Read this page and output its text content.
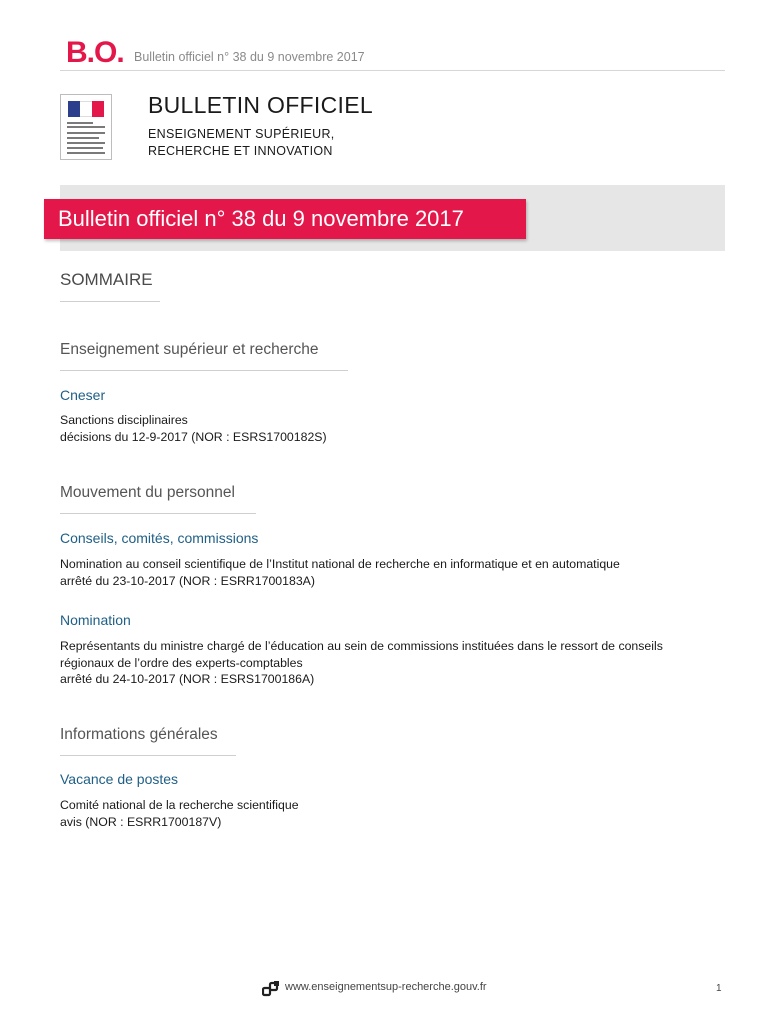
B.O. Bulletin officiel n° 38 du 9 novembre 2017
BULLETIN OFFICIEL
ENSEIGNEMENT SUPÉRIEUR,
RECHERCHE ET INNOVATION
Bulletin officiel n° 38 du 9 novembre 2017
SOMMAIRE
Enseignement supérieur et recherche
Cneser
Sanctions disciplinaires
décisions du 12-9-2017 (NOR : ESRS1700182S)
Mouvement du personnel
Conseils, comités, commissions
Nomination au conseil scientifique de l’Institut national de recherche en informatique et en automatique
arrêté du 23-10-2017 (NOR : ESRR1700183A)
Nomination
Représentants du ministre chargé de l’éducation au sein de commissions instituées dans le ressort de conseils
régionaux de l’ordre des experts-comptables
arrêté du 24-10-2017 (NOR : ESRS1700186A)
Informations générales
Vacance de postes
Comité national de la recherche scientifique
avis (NOR : ESRR1700187V)
www.enseignementsup-recherche.gouv.fr	1
